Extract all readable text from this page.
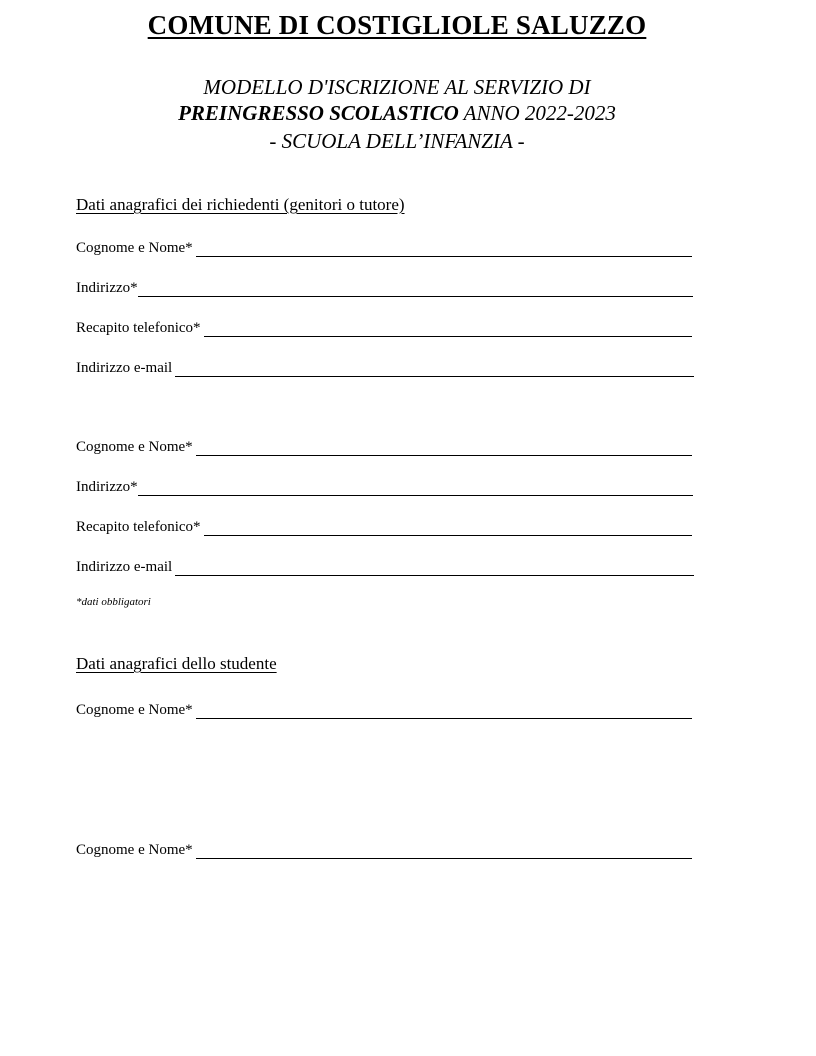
COMUNE DI COSTIGLIOLE SALUZZO
MODELLO D'ISCRIZIONE AL SERVIZIO DI
PREINGRESSO SCOLASTICO ANNO 2022-2023
- SCUOLA DELL’INFANZIA -
Dati anagrafici dei richiedenti (genitori o tutore)
Cognome e Nome*
Indirizzo*
Recapito telefonico*
Indirizzo e-mail
Cognome e Nome*
Indirizzo*
Recapito telefonico*
Indirizzo e-mail
*dati obbligatori
Dati anagrafici dello studente
Cognome e Nome*
Cognome e Nome*
